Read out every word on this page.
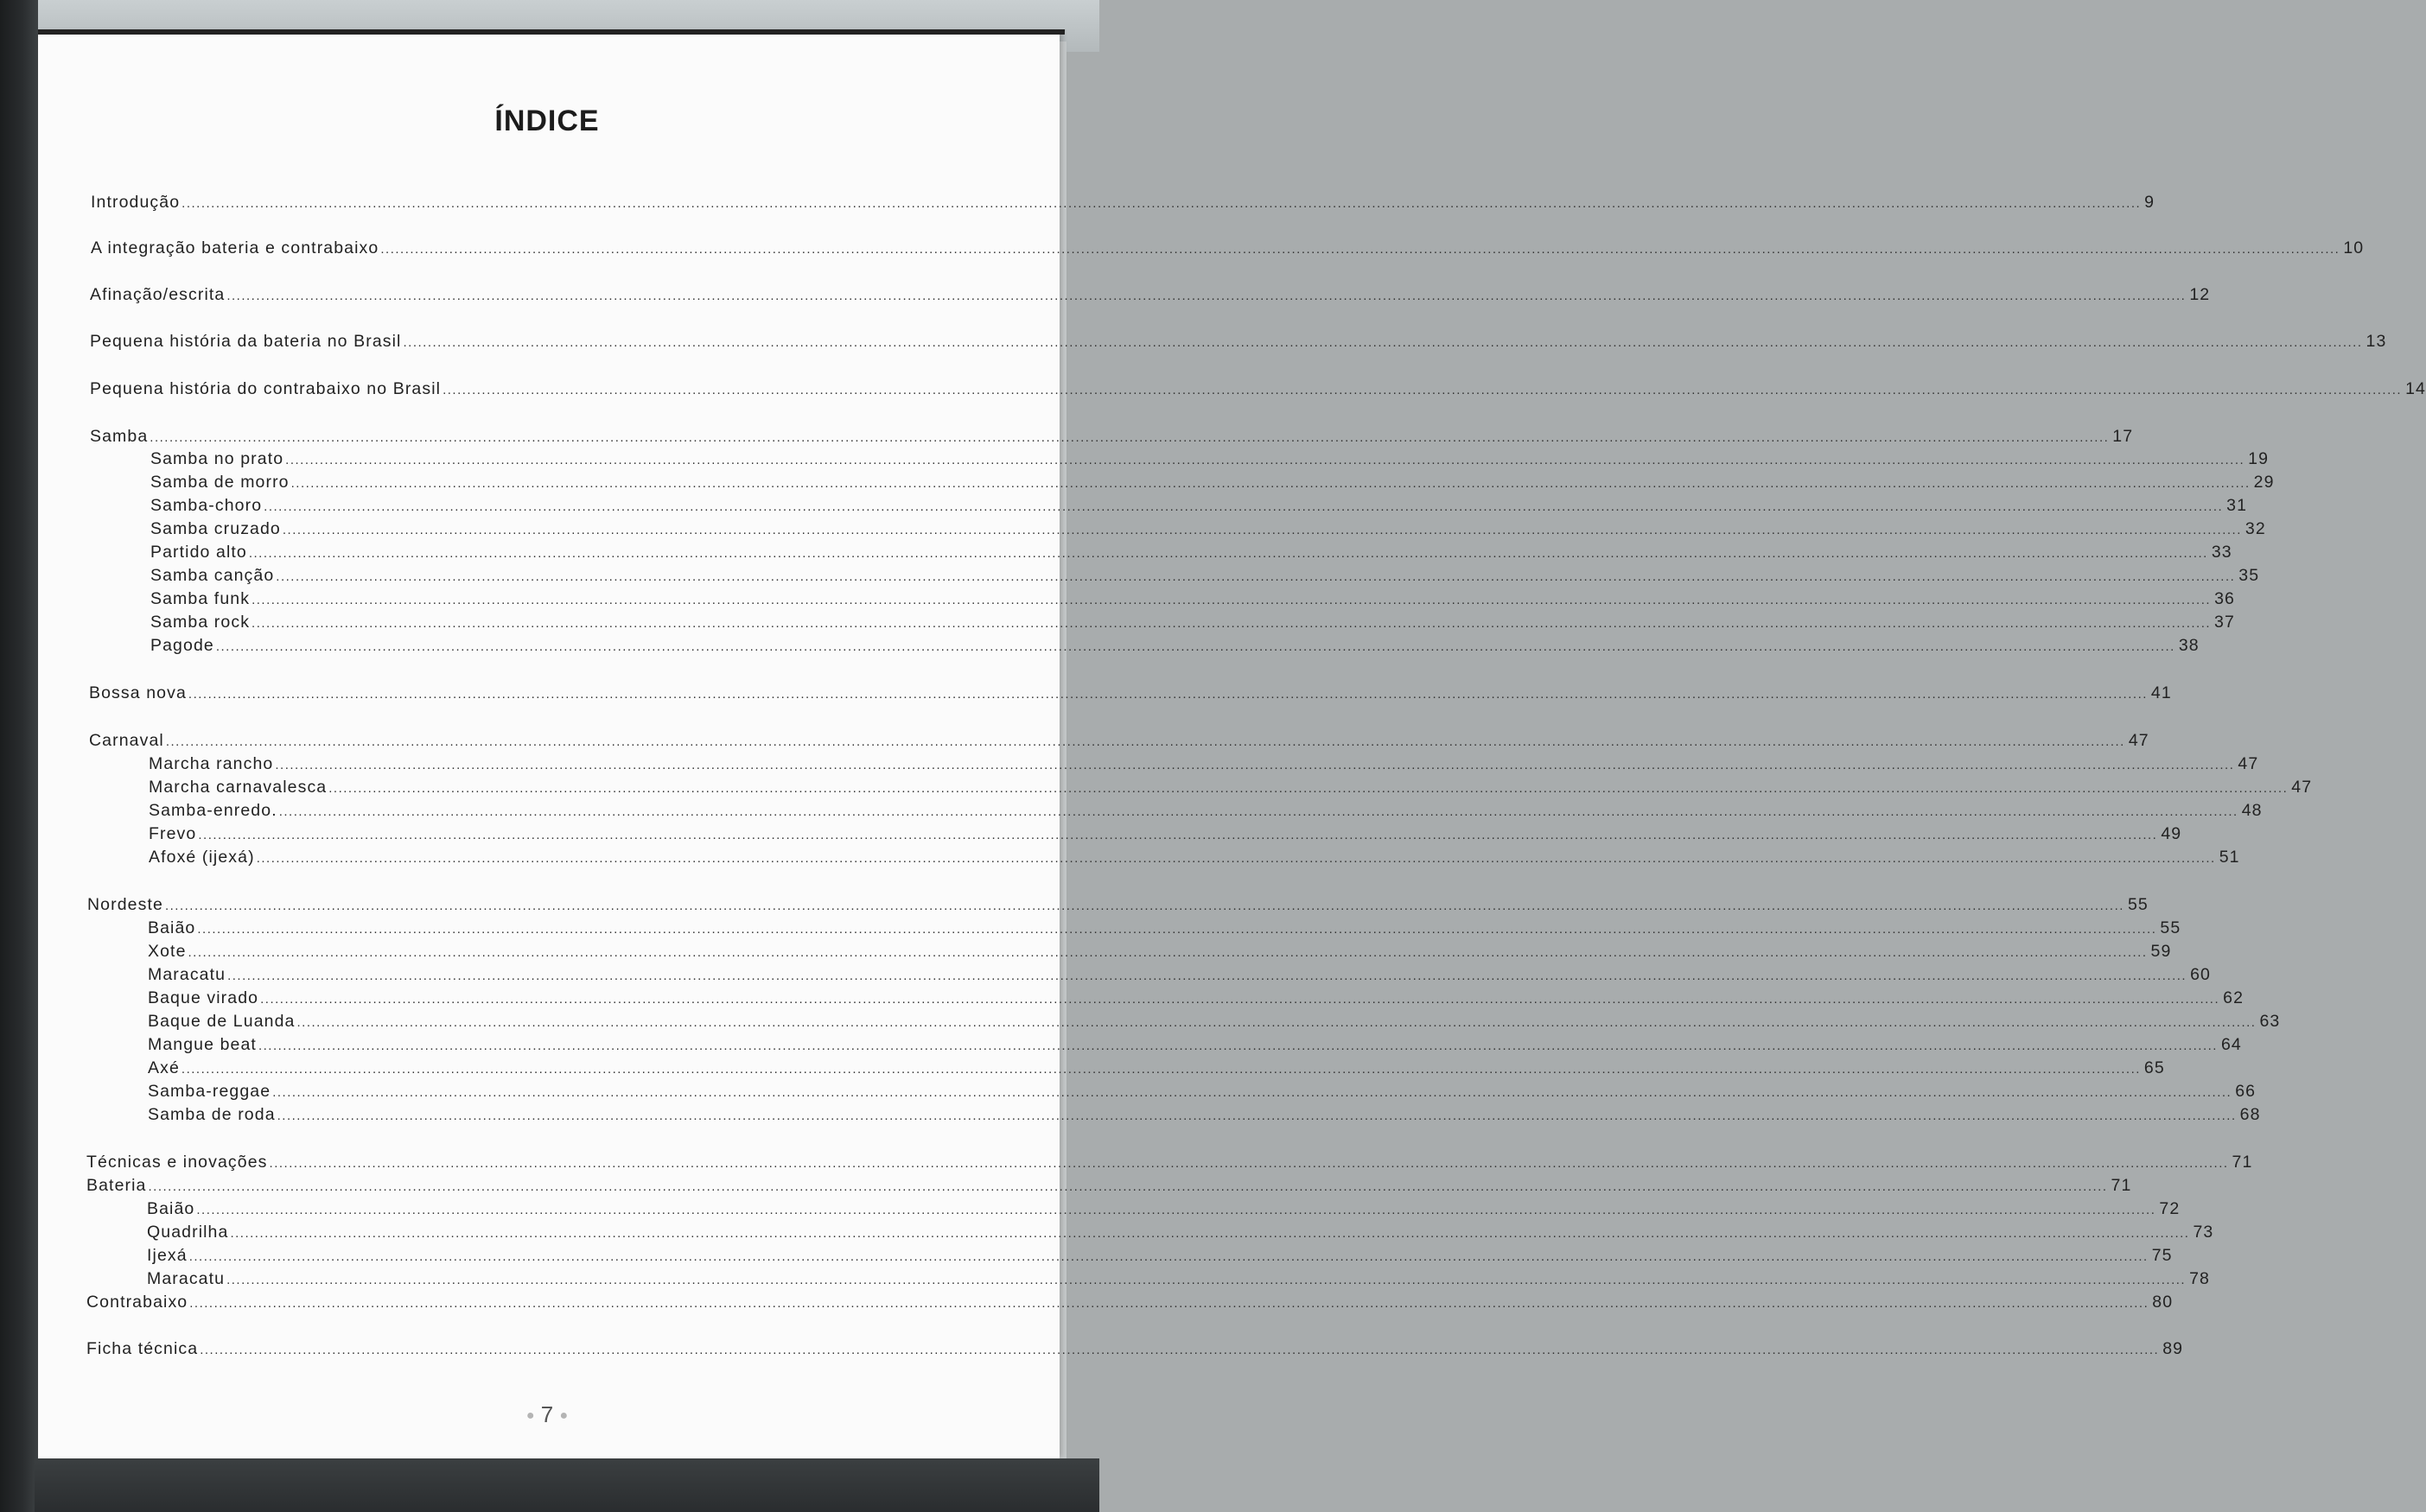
ÍNDICE
Introdução ................................................................................................................................................................................................................................................................................................................................................................................................................ 9
A integração bateria e contrabaixo ................................................................................................................................................................................................................................................................................................................................................................................................................ 10
Afinação/escrita ................................................................................................................................................................................................................................................................................................................................................................................................................ 12
Pequena história da bateria no Brasil ................................................................................................................................................................................................................................................................................................................................................................................................................ 13
Pequena história do contrabaixo no Brasil ................................................................................................................................................................................................................................................................................................................................................................................................................ 14
Samba ................................................................................................................................................................................................................................................................................................................................................................................................................ 17
Samba no prato ................................................................................................................................................................................................................................................................................................................................................................................................................ 19
Samba de morro ................................................................................................................................................................................................................................................................................................................................................................................................................ 29
Samba-choro ................................................................................................................................................................................................................................................................................................................................................................................................................ 31
Samba cruzado ................................................................................................................................................................................................................................................................................................................................................................................................................ 32
Partido alto ................................................................................................................................................................................................................................................................................................................................................................................................................ 33
Samba canção ................................................................................................................................................................................................................................................................................................................................................................................................................ 35
Samba funk ................................................................................................................................................................................................................................................................................................................................................................................................................ 36
Samba rock ................................................................................................................................................................................................................................................................................................................................................................................................................ 37
Pagode ................................................................................................................................................................................................................................................................................................................................................................................................................ 38
Bossa nova ................................................................................................................................................................................................................................................................................................................................................................................................................ 41
Carnaval ................................................................................................................................................................................................................................................................................................................................................................................................................ 47
Marcha rancho ................................................................................................................................................................................................................................................................................................................................................................................................................ 47
Marcha carnavalesca ................................................................................................................................................................................................................................................................................................................................................................................................................ 47
Samba-enredo. ................................................................................................................................................................................................................................................................................................................................................................................................................ 48
Frevo ................................................................................................................................................................................................................................................................................................................................................................................................................ 49
Afoxé (ijexá) ................................................................................................................................................................................................................................................................................................................................................................................................................ 51
Nordeste ................................................................................................................................................................................................................................................................................................................................................................................................................ 55
Baião ................................................................................................................................................................................................................................................................................................................................................................................................................ 55
Xote ................................................................................................................................................................................................................................................................................................................................................................................................................ 59
Maracatu ................................................................................................................................................................................................................................................................................................................................................................................................................ 60
Baque virado ................................................................................................................................................................................................................................................................................................................................................................................................................ 62
Baque de Luanda ................................................................................................................................................................................................................................................................................................................................................................................................................ 63
Mangue beat ................................................................................................................................................................................................................................................................................................................................................................................................................ 64
Axé ................................................................................................................................................................................................................................................................................................................................................................................................................ 65
Samba-reggae ................................................................................................................................................................................................................................................................................................................................................................................................................ 66
Samba de roda ................................................................................................................................................................................................................................................................................................................................................................................................................ 68
Técnicas e inovações ................................................................................................................................................................................................................................................................................................................................................................................................................ 71
Bateria ................................................................................................................................................................................................................................................................................................................................................................................................................ 71
Baião ................................................................................................................................................................................................................................................................................................................................................................................................................ 72
Quadrilha ................................................................................................................................................................................................................................................................................................................................................................................................................ 73
Ijexá ................................................................................................................................................................................................................................................................................................................................................................................................................ 75
Maracatu ................................................................................................................................................................................................................................................................................................................................................................................................................ 78
Contrabaixo ................................................................................................................................................................................................................................................................................................................................................................................................................ 80
Ficha técnica ................................................................................................................................................................................................................................................................................................................................................................................................................ 89
● 7 ●
